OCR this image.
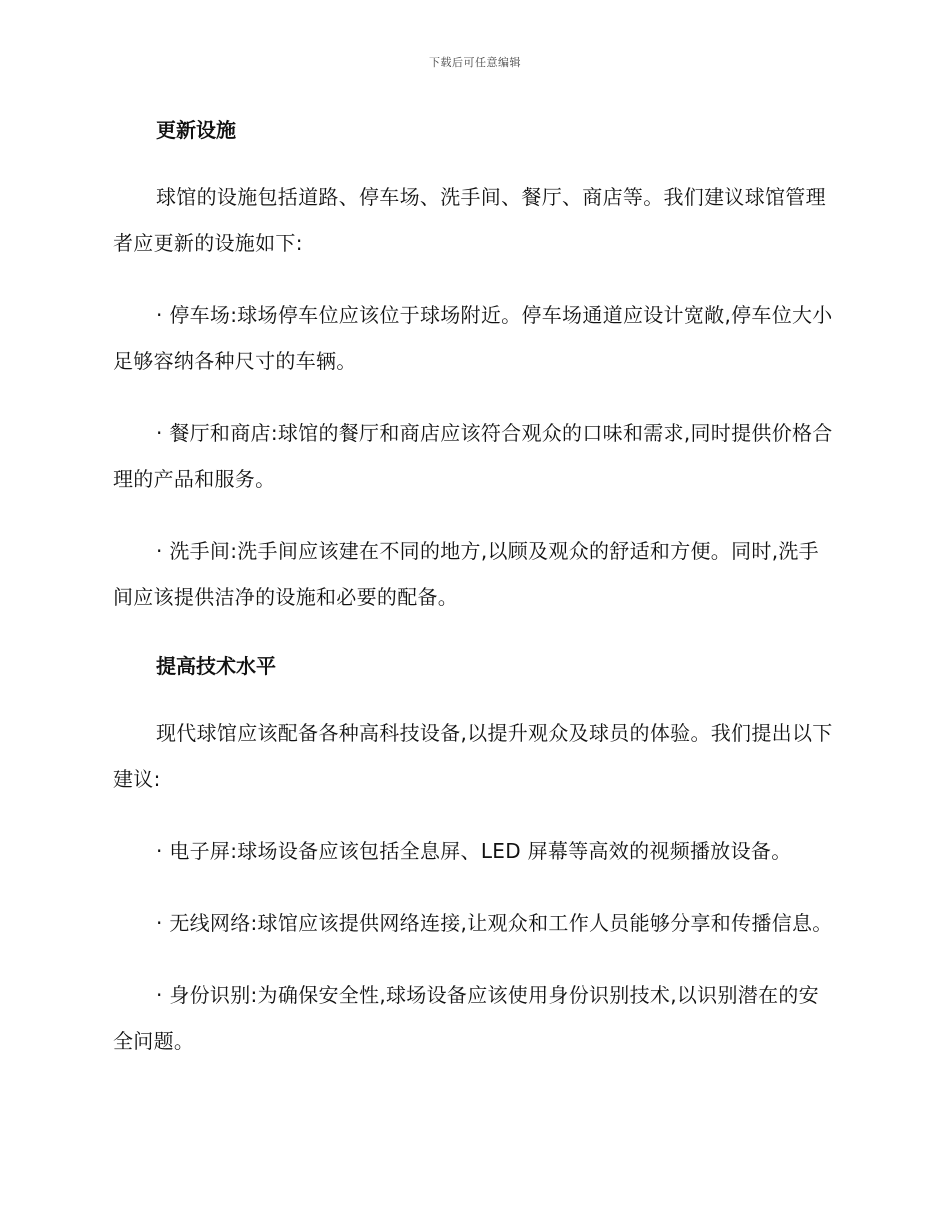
下载后可任意编辑
更新设施

球馆的设施包括道路、停车场、洗手间、餐厅、商店等。我们建议球馆管理者应更新的设施如下:

· 停车场:球场停车位应该位于球场附近。停车场通道应设计宽敞,停车位大小足够容纳各种尺寸的车辆。

· 餐厅和商店:球馆的餐厅和商店应该符合观众的口味和需求,同时提供价格合理的产品和服务。

· 洗手间:洗手间应该建在不同的地方,以顾及观众的舒适和方便。同时,洗手间应该提供洁净的设施和必要的配备。

提高技术水平

现代球馆应该配备各种高科技设备,以提升观众及球员的体验。我们提出以下建议:

· 电子屏:球场设备应该包括全息屏、LED 屏幕等高效的视频播放设备。

· 无线网络:球馆应该提供网络连接,让观众和工作人员能够分享和传播信息。

· 身份识别:为确保安全性,球场设备应该使用身份识别技术,以识别潜在的安全问题。
